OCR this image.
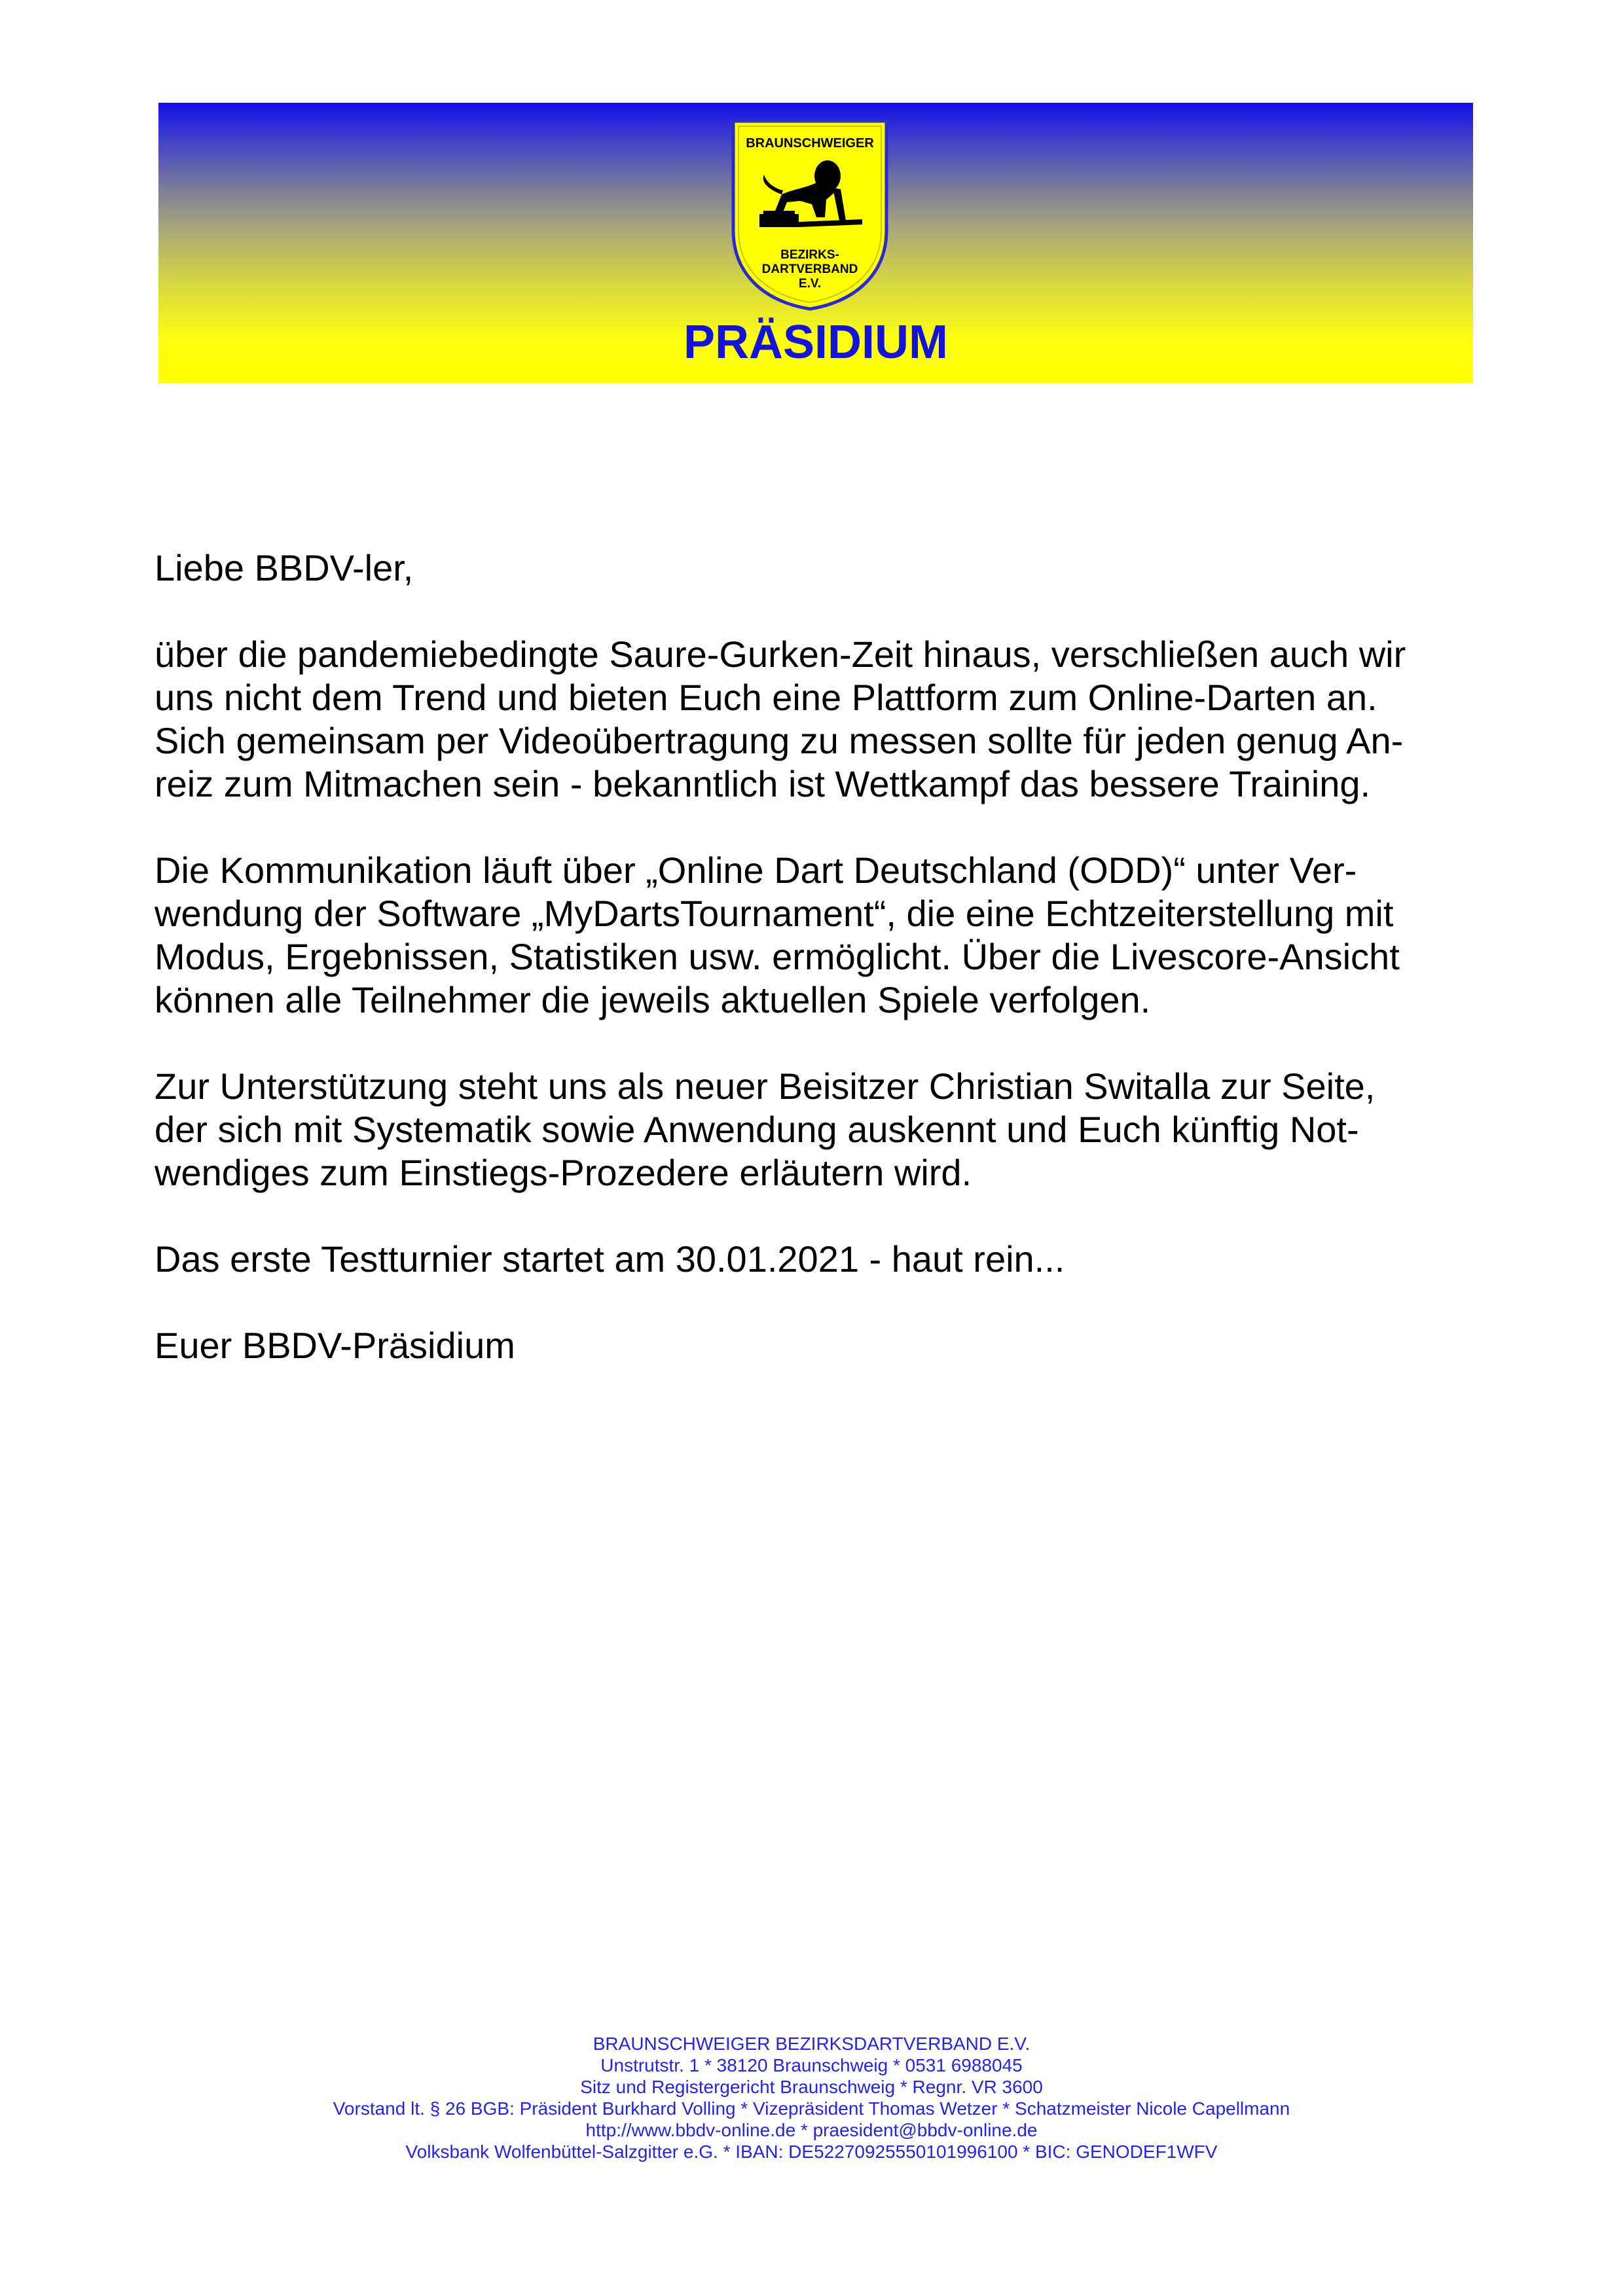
BRAUNSCHWEIGER
BEZIRKS-
DARTVERBAND
E.V.
PRÄSIDIUM

Liebe BBDV-ler,

über die pandemiebedingte Saure-Gurken-Zeit hinaus, verschließen auch wir
uns nicht dem Trend und bieten Euch eine Plattform zum Online-Darten an.
Sich gemeinsam per Videoübertragung zu messen sollte für jeden genug An-
reiz zum Mitmachen sein - bekanntlich ist Wettkampf das bessere Training.

Die Kommunikation läuft über „Online Dart Deutschland (ODD)“ unter Ver-
wendung der Software „MyDartsTournament“, die eine Echtzeiterstellung mit
Modus, Ergebnissen, Statistiken usw. ermöglicht. Über die Livescore-Ansicht
können alle Teilnehmer die jeweils aktuellen Spiele verfolgen.

Zur Unterstützung steht uns als neuer Beisitzer Christian Switalla zur Seite,
der sich mit Systematik sowie Anwendung auskennt und Euch künftig Not-
wendiges zum Einstiegs-Prozedere erläutern wird.

Das erste Testturnier startet am 30.01.2021 - haut rein...

Euer BBDV-Präsidium

BRAUNSCHWEIGER BEZIRKSDARTVERBAND E.V.
Unstrutstr. 1 * 38120 Braunschweig * 0531 6988045
Sitz und Registergericht Braunschweig * Regnr. VR 3600
Vorstand lt. § 26 BGB: Präsident Burkhard Volling * Vizepräsident Thomas Wetzer * Schatzmeister Nicole Capellmann
http://www.bbdv-online.de * praesident@bbdv-online.de
Volksbank Wolfenbüttel-Salzgitter e.G. * IBAN: DE52270925550101996100 * BIC: GENODEF1WFV
